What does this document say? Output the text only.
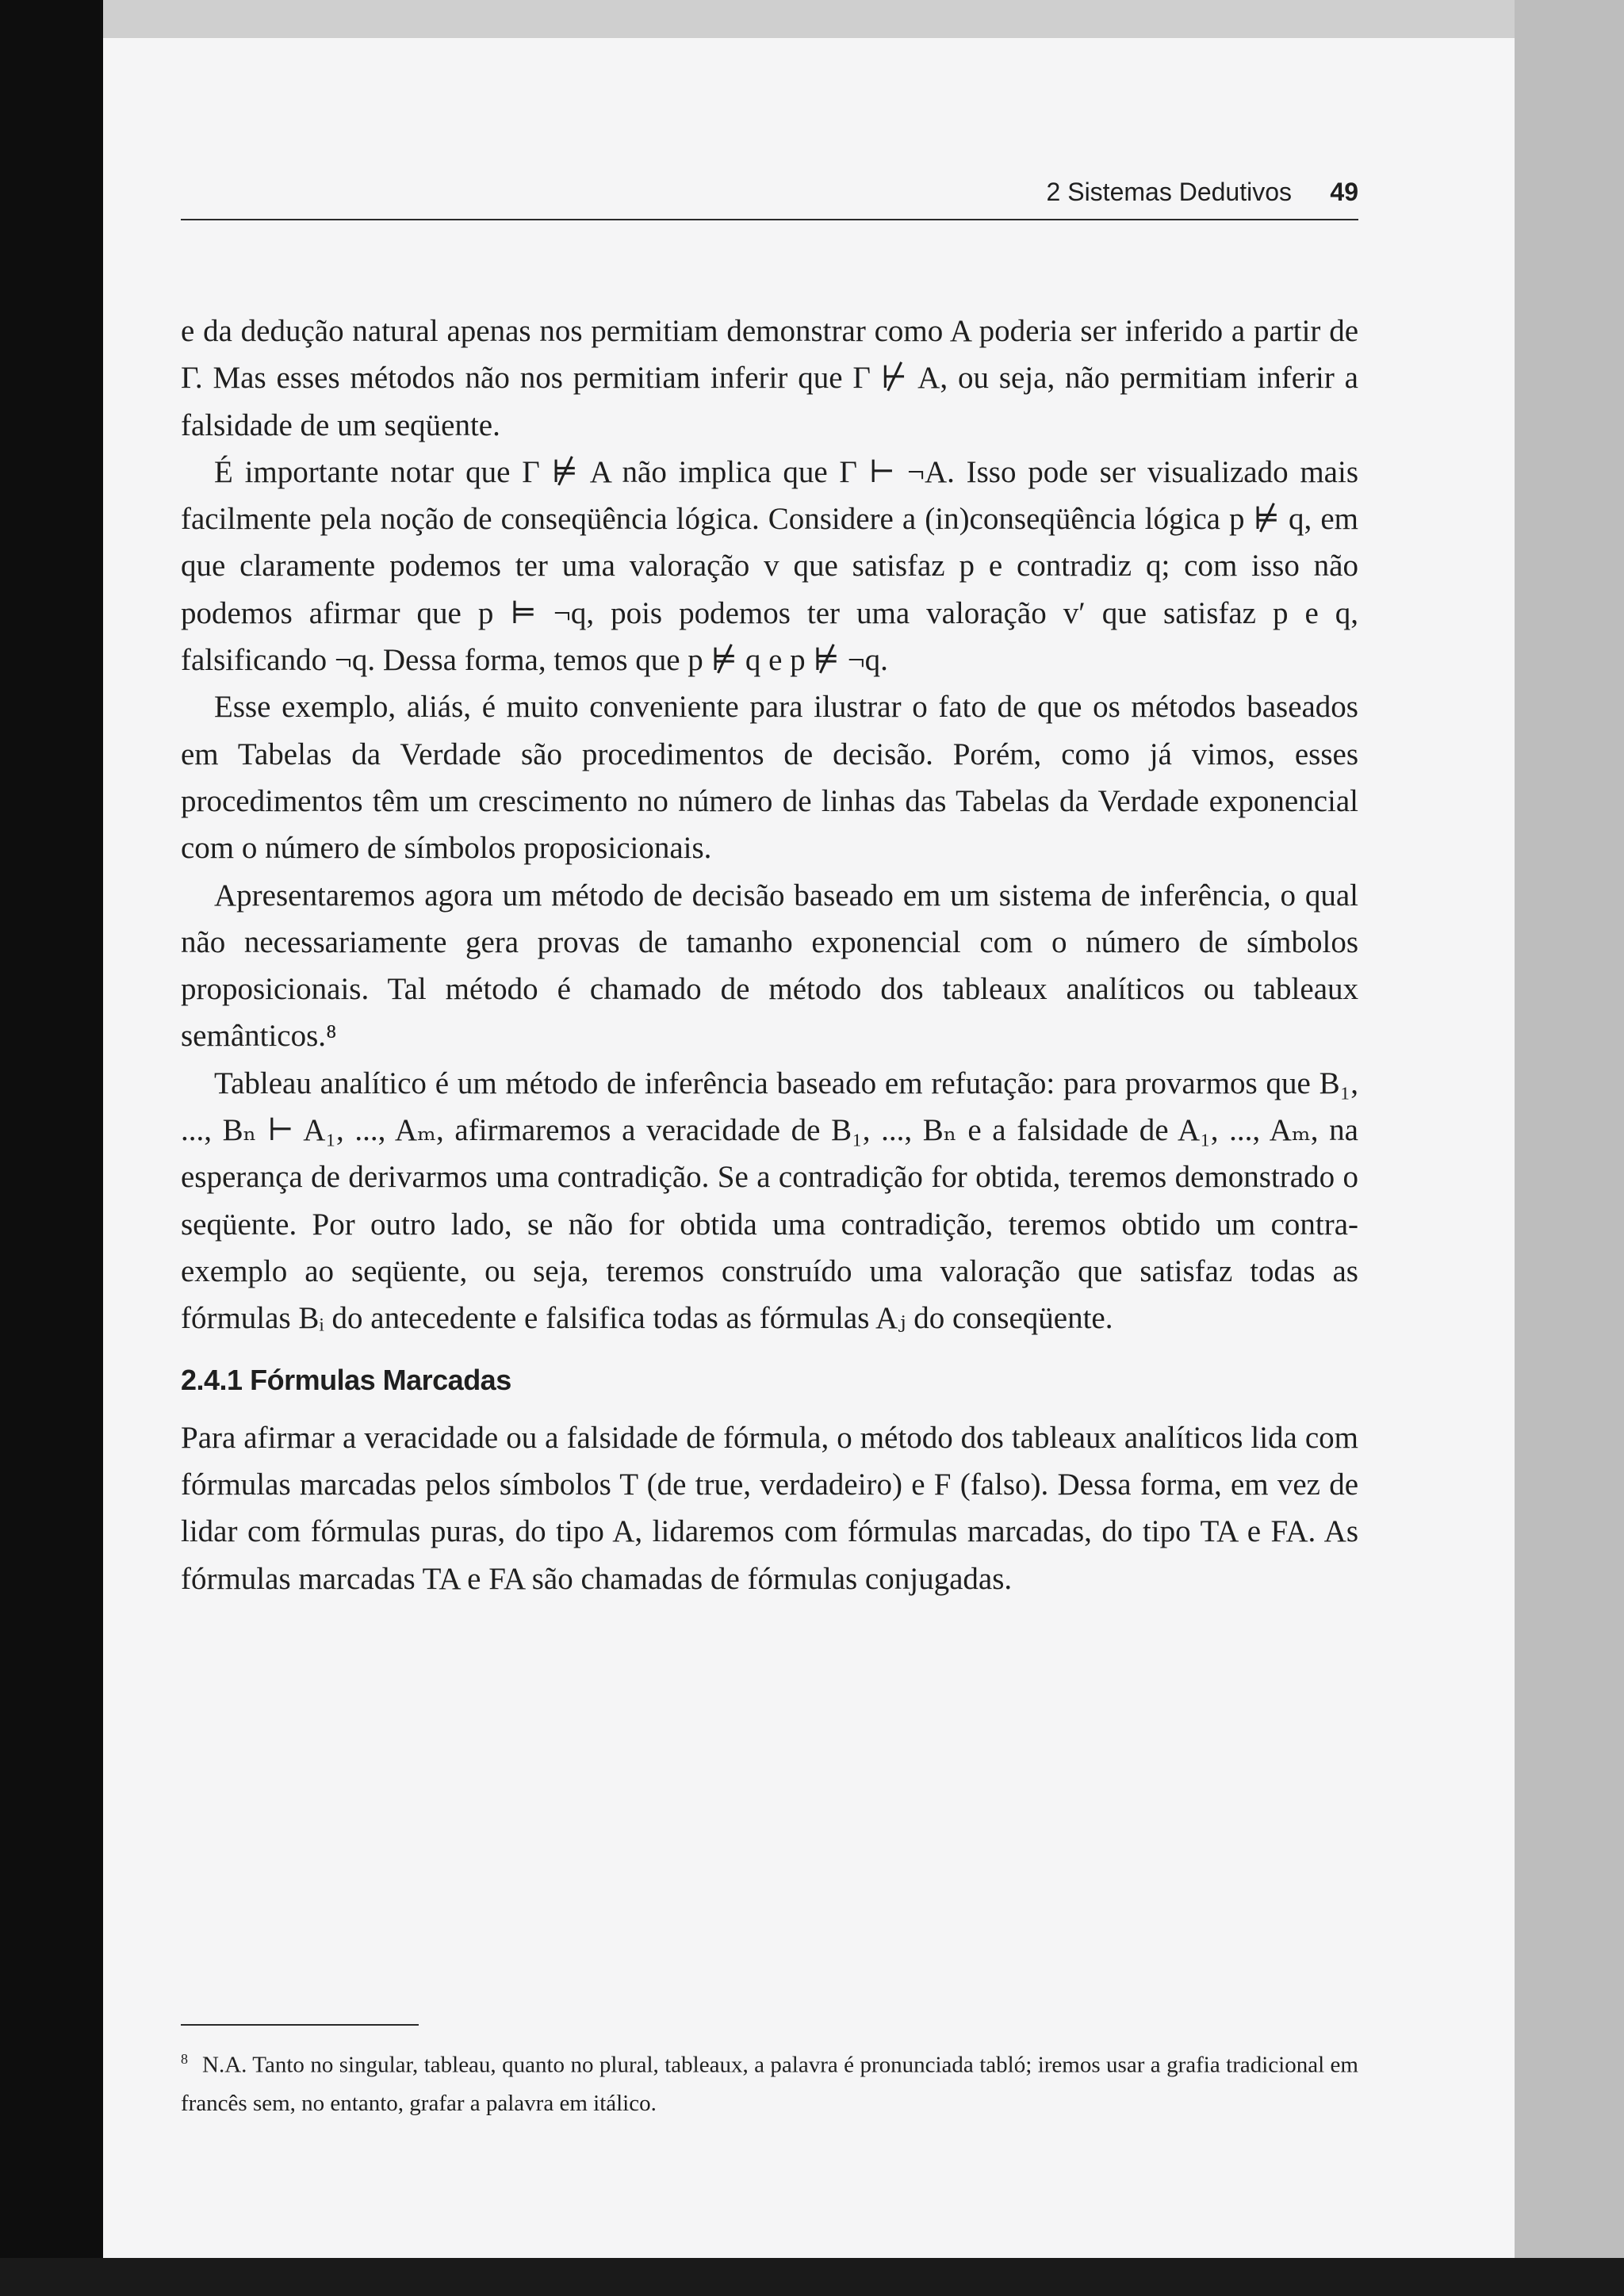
2 Sistemas Dedutivos 49

e da dedução natural apenas nos permitiam demonstrar como A poderia ser inferido a partir de Γ. Mas esses métodos não nos permitiam inferir que Γ ⊬ A, ou seja, não permitiam inferir a falsidade de um seqüente.

É importante notar que Γ ⊭ A não implica que Γ ⊢ ¬A. Isso pode ser visualizado mais facilmente pela noção de conseqüência lógica. Considere a (in)conseqüência lógica p ⊭ q, em que claramente podemos ter uma valoração v que satisfaz p e contradiz q; com isso não podemos afirmar que p ⊨ ¬q, pois podemos ter uma valoração v′ que satisfaz p e q, falsificando ¬q. Dessa forma, temos que p ⊭ q e p ⊭ ¬q.

Esse exemplo, aliás, é muito conveniente para ilustrar o fato de que os métodos baseados em Tabelas da Verdade são procedimentos de decisão. Porém, como já vimos, esses procedimentos têm um crescimento no número de linhas das Tabelas da Verdade exponencial com o número de símbolos proposicionais.

Apresentaremos agora um método de decisão baseado em um sistema de inferência, o qual não necessariamente gera provas de tamanho exponencial com o número de símbolos proposicionais. Tal método é chamado de método dos tableaux analíticos ou tableaux semânticos.⁸

Tableau analítico é um método de inferência baseado em refutação: para provarmos que B₁, ..., Bₙ ⊢ A₁, ..., Aₘ, afirmaremos a veracidade de B₁, ..., Bₙ e a falsidade de A₁, ..., Aₘ, na esperança de derivarmos uma contradição. Se a contradição for obtida, teremos demonstrado o seqüente. Por outro lado, se não for obtida uma contradição, teremos obtido um contra-exemplo ao seqüente, ou seja, teremos construído uma valoração que satisfaz todas as fórmulas Bᵢ do antecedente e falsifica todas as fórmulas Aⱼ do conseqüente.

2.4.1 Fórmulas Marcadas

Para afirmar a veracidade ou a falsidade de fórmula, o método dos tableaux analíticos lida com fórmulas marcadas pelos símbolos T (de true, verdadeiro) e F (falso). Dessa forma, em vez de lidar com fórmulas puras, do tipo A, lidaremos com fórmulas marcadas, do tipo TA e FA. As fórmulas marcadas TA e FA são chamadas de fórmulas conjugadas.

$^8$ N.A. Tanto no singular, tableau, quanto no plural, tableaux, a palavra é pronunciada tabló; iremos usar a grafia tradicional em francês sem, no entanto, grafar a palavra em itálico.
